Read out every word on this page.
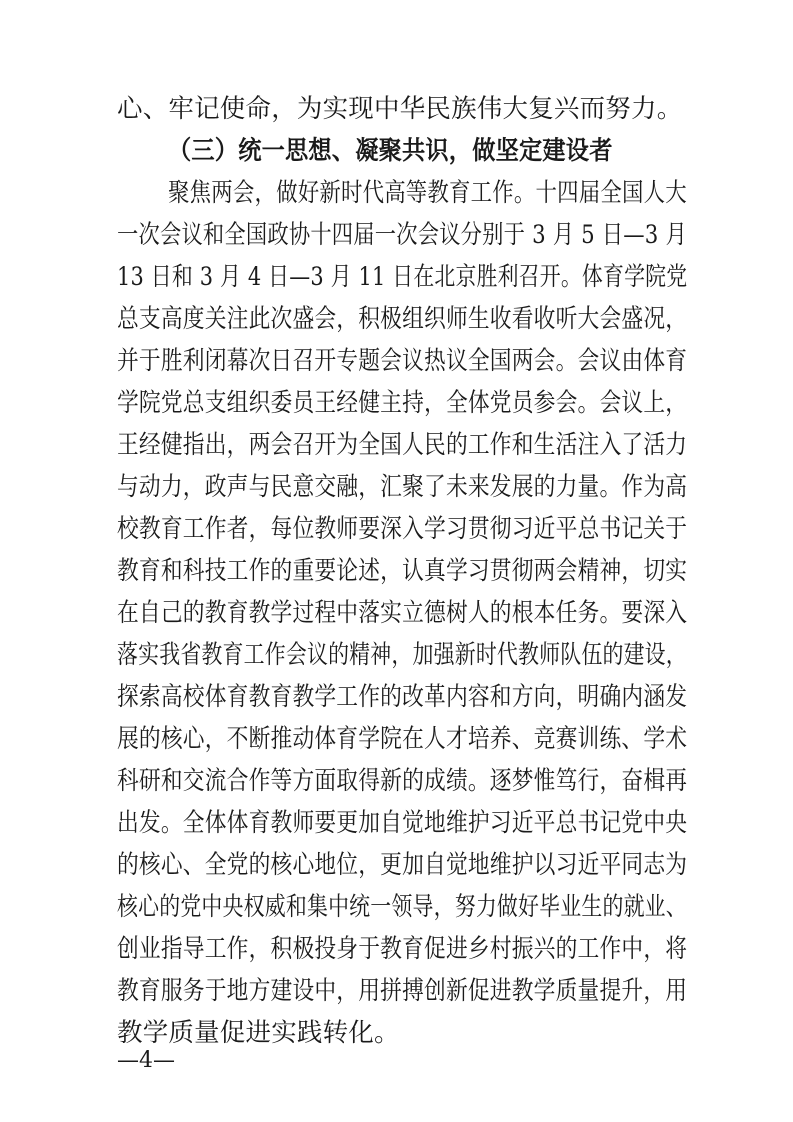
心、牢记使命，为实现中华民族伟大复兴而努力。
（三）统一思想、凝聚共识，做坚定建设者
聚焦两会，做好新时代高等教育工作。十四届全国人大
一次会议和全国政协十四届一次会议分别于 3 月 5 日—3 月
13 日和 3 月 4 日—3 月 11 日在北京胜利召开。体育学院党
总支高度关注此次盛会，积极组织师生收看收听大会盛况，
并于胜利闭幕次日召开专题会议热议全国两会。会议由体育
学院党总支组织委员王经健主持，全体党员参会。会议上，
王经健指出，两会召开为全国人民的工作和生活注入了活力
与动力，政声与民意交融，汇聚了未来发展的力量。作为高
校教育工作者，每位教师要深入学习贯彻习近平总书记关于
教育和科技工作的重要论述，认真学习贯彻两会精神，切实
在自己的教育教学过程中落实立德树人的根本任务。要深入
落实我省教育工作会议的精神，加强新时代教师队伍的建设，
探索高校体育教育教学工作的改革内容和方向，明确内涵发
展的核心，不断推动体育学院在人才培养、竞赛训练、学术
科研和交流合作等方面取得新的成绩。逐梦惟笃行，奋楫再
出发。全体体育教师要更加自觉地维护习近平总书记党中央
的核心、全党的核心地位，更加自觉地维护以习近平同志为
核心的党中央权威和集中统一领导，努力做好毕业生的就业、
创业指导工作，积极投身于教育促进乡村振兴的工作中，将
教育服务于地方建设中，用拼搏创新促进教学质量提升，用
教学质量促进实践转化。
—4—
